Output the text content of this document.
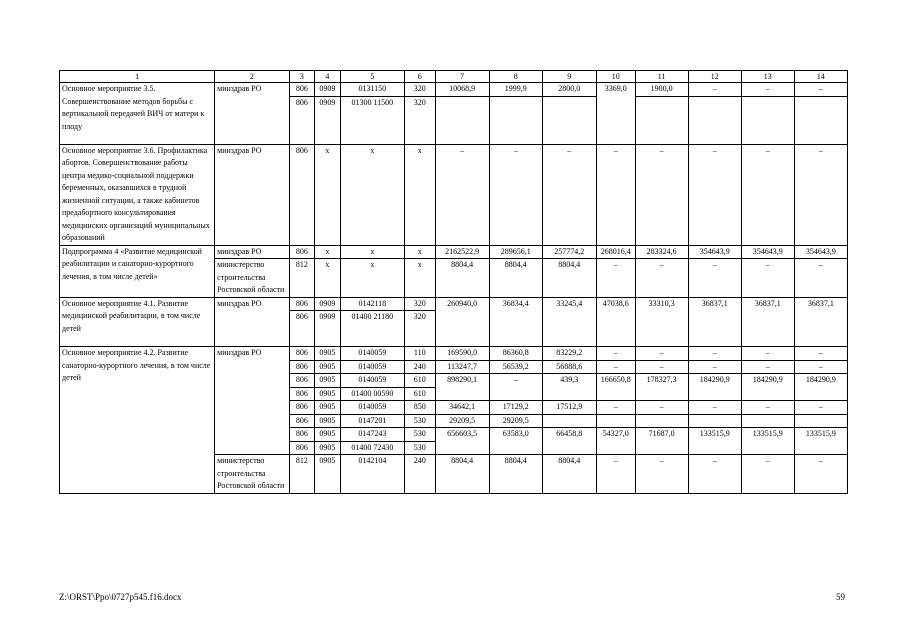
1	2	3	4	5	6	7	8	9	10	11	12	13	14
Основное мероприятие 3.5. Совершенствование методов борьбы с вертикальной передачей ВИЧ от матери к плоду	минздрав РО	806	0909	0131150	320	10068,9	1999,9	2800,0	3369,0	1900,0	–	–	–
		806	0909	01300 11500	320								
Основное мероприятие 3.6. Профилактика абортов. Совершенствование работы центра медико-социальной поддержки беременных, оказавшихся в трудной жизненной ситуации, а также кабинетов предабортного консультирования медицинских организаций муниципальных образований	минздрав РО	806	х	х	х	–	–	–	–	–	–	–	–
Подпрограмма 4 «Развитие медицинской реабилитации и санаторно-курортного лечения, в том числе детей»	минздрав РО	806	х	х	х	2162522,9	289656,1	257774,2	268016,4	283324,6	354643,9	354643,9	354643,9
	министерство строительства Ростовской области	812	х	х	х	8804,4	8804,4	8804,4	–	–	–	–	–
Основное мероприятие 4.1. Развитие медицинской реабилитации, в том числе детей	минздрав РО	806	0909	0142118	320	260940,0	36834,4	33245,4	47038,6	33310,3	36837,1	36837,1	36837,1
		806	0909	01400 21180	320								
Основное мероприятие 4.2. Развитие санаторно-курортного лечения, в том числе детей	минздрав РО	806	0905	0140059	110	169590,0	86360,8	83229,2	–	–	–	–	–
		806	0905	0140059	240	113247,7	56539,2	56888,6	–	–	–	–	–
		806	0905	0140059	610	898290,1	–	439,3	166650,8	178327,3	184290,9	184290,9	184290,9
		806	0905	01400 00590	610								
		806	0905	0140059	850	34642,1	17129,2	17512,9	–	–	–	–	–
		806	0905	0147201	530	29209,5	29209,5						
		806	0905	0147243	530	656603,5	63583,0	66458,8	54327,0	71687,0	133515,9	133515,9	133515,9
		806	0905	01400 72430	530								
	министерство строительства Ростовской области	812	0905	0142104	240	8804,4	8804,4	8804,4	–	–	–	–	–
Z:\ORST\Ppo\0727p545.f16.docx	59
